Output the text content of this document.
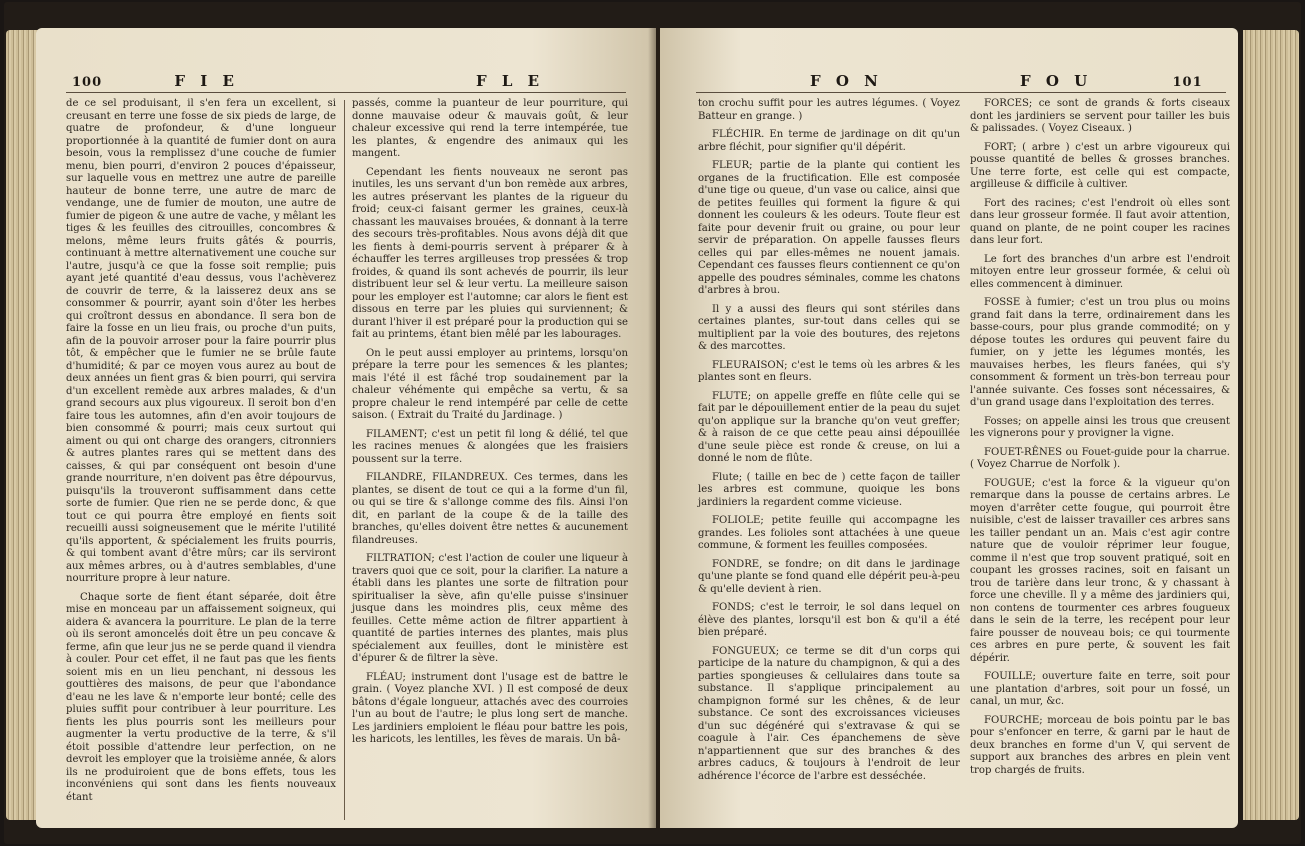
100	F I E	F L E

de ce sel produisant, il s'en fera un excellent, si creusant en terre une fosse de six pieds de large, de quatre de profondeur, & d'une longueur proportionnée à la quantité de fumier dont on aura besoin, vous la remplissez d'une couche de fumier menu, bien pourri, d'environ 2 pouces d'épaisseur, sur laquelle vous en mettrez une autre de pareille hauteur de bonne terre, une autre de marc de vendange, une de fumier de mouton, une autre de fumier de pigeon & une autre de vache, y mêlant les tiges & les feuilles des citrouilles, concombres & melons, même leurs fruits gâtés & pourris, continuant à mettre alternativement une couche sur l'autre, jusqu'à ce que la fosse soit remplie; puis ayant jeté quantité d'eau dessus, vous l'achèverez de couvrir de terre, & la laisserez deux ans se consommer & pourrir, ayant soin d'ôter les herbes qui croîtront dessus en abondance. Il sera bon de faire la fosse en un lieu frais, ou proche d'un puits, afin de la pouvoir arroser pour la faire pourrir plus tôt, & empêcher que le fumier ne se brûle faute d'humidité; & par ce moyen vous aurez au bout de deux années un fient gras & bien pourri, qui servira d'un excellent remède aux arbres malades, & d'un grand secours aux plus vigoureux. Il seroit bon d'en faire tous les automnes, afin d'en avoir toujours de bien consommé & pourri; mais ceux surtout qui aiment ou qui ont charge des orangers, citronniers & autres plantes rares qui se mettent dans des caisses, & qui par conséquent ont besoin d'une grande nourriture, n'en doivent pas être dépourvus, puisqu'ils la trouveront suffisamment dans cette sorte de fumier. Que rien ne se perde donc, & que tout ce qui pourra être employé en fients soit recueilli aussi soigneusement que le mérite l'utilité qu'ils apportent, & spécialement les fruits pourris, & qui tombent avant d'être mûrs; car ils serviront aux mêmes arbres, ou à d'autres semblables, d'une nourriture propre à leur nature.

Chaque sorte de fient étant séparée, doit être mise en monceau par un affaissement soigneux, qui aidera & avancera la pourriture. Le plan de la terre où ils seront amoncelés doit être un peu concave & ferme, afin que leur jus ne se perde quand il viendra à couler. Pour cet effet, il ne faut pas que les fients soient mis en un lieu penchant, ni dessous les gouttières des maisons, de peur que l'abondance d'eau ne les lave & n'emporte leur bonté; celle des pluies suffit pour contribuer à leur pourriture. Les fients les plus pourris sont les meilleurs pour augmenter la vertu productive de la terre, & s'il étoit possible d'attendre leur perfection, on ne devroit les employer que la troisième année, & alors ils ne produiroient que de bons effets, tous les inconvéniens qui sont dans les fients nouveaux étant

passés, comme la puanteur de leur pourriture, qui donne mauvaise odeur & mauvais goût, & leur chaleur excessive qui rend la terre intempérée, tue les plantes, & engendre des animaux qui les mangent.

Cependant les fients nouveaux ne seront pas inutiles, les uns servant d'un bon remède aux arbres, les autres préservant les plantes de la rigueur du froid; ceux-ci faisant germer les graines, ceux-là chassant les mauvaises brouées, & donnant à la terre des secours très-profitables. Nous avons déjà dit que les fients à demi-pourris servent à préparer & à échauffer les terres argilleuses trop pressées & trop froides, & quand ils sont achevés de pourrir, ils leur distribuent leur sel & leur vertu. La meilleure saison pour les employer est l'automne; car alors le fient est dissous en terre par les pluies qui surviennent; & durant l'hiver il est préparé pour la production qui se fait au printems, étant bien mêlé par les labourages.

On le peut aussi employer au printems, lorsqu'on prépare la terre pour les semences & les plantes; mais l'été il est fâché trop soudainement par la chaleur véhémente qui empêche sa vertu, & sa propre chaleur le rend intempéré par celle de cette saison. ( Extrait du Traité du Jardinage. )

FILAMENT; c'est un petit fil long & délié, tel que les racines menues & alongées que les fraisiers poussent sur la terre.

FILANDRE, FILANDREUX. Ces termes, dans les plantes, se disent de tout ce qui a la forme d'un fil, ou qui se tire & s'allonge comme des fils. Ainsi l'on dit, en parlant de la coupe & de la taille des branches, qu'elles doivent être nettes & aucunement filandreuses.

FILTRATION; c'est l'action de couler une liqueur à travers quoi que ce soit, pour la clarifier. La nature a établi dans les plantes une sorte de filtration pour spiritualiser la sève, afin qu'elle puisse s'insinuer jusque dans les moindres plis, ceux même des feuilles. Cette même action de filtrer appartient à quantité de parties internes des plantes, mais plus spécialement aux feuilles, dont le ministère est d'épurer & de filtrer la sève.

FLÉAU; instrument dont l'usage est de battre le grain. ( Voyez planche XVI. ) Il est composé de deux bâtons d'égale longueur, attachés avec des courroies l'un au bout de l'autre; le plus long sert de manche. Les jardiniers emploient le fléau pour battre les pois, les haricots, les lentilles, les fèves de marais. Un bâ-

F O N	F O U	101

ton crochu suffit pour les autres légumes. ( Voyez Batteur en grange. )

FLÉCHIR. En terme de jardinage on dit qu'un arbre fléchit, pour signifier qu'il dépérit.

FLEUR; partie de la plante qui contient les organes de la fructification. Elle est composée d'une tige ou queue, d'un vase ou calice, ainsi que de petites feuilles qui forment la figure & qui donnent les couleurs & les odeurs. Toute fleur est faite pour devenir fruit ou graine, ou pour leur servir de préparation. On appelle fausses fleurs celles qui par elles-mêmes ne nouent jamais. Cependant ces fausses fleurs contiennent ce qu'on appelle des poudres séminales, comme les chatons d'arbres à brou.

Il y a aussi des fleurs qui sont stériles dans certaines plantes, sur-tout dans celles qui se multiplient par la voie des boutures, des rejetons & des marcottes.

FLEURAISON; c'est le tems où les arbres & les plantes sont en fleurs.

FLUTE; on appelle greffe en flûte celle qui se fait par le dépouillement entier de la peau du sujet qu'on applique sur la branche qu'on veut greffer; & à raison de ce que cette peau ainsi dépouillée d'une seule pièce est ronde & creuse, on lui a donné le nom de flûte.

Flute; ( taille en bec de ) cette façon de tailler les arbres est commune, quoique les bons jardiniers la regardent comme vicieuse.

FOLIOLE; petite feuille qui accompagne les grandes. Les folioles sont attachées à une queue commune, & forment les feuilles composées.

FONDRE, se fondre; on dit dans le jardinage qu'une plante se fond quand elle dépérit peu-à-peu & qu'elle devient à rien.

FONDS; c'est le terroir, le sol dans lequel on élève des plantes, lorsqu'il est bon & qu'il a été bien préparé.

FONGUEUX; ce terme se dit d'un corps qui participe de la nature du champignon, & qui a des parties spongieuses & cellulaires dans toute sa substance. Il s'applique principalement au champignon formé sur les chênes, & de leur substance. Ce sont des excroissances vicieuses d'un suc dégénéré qui s'extravase & qui se coagule à l'air. Ces épanchemens de sève n'appartiennent que sur des branches & des arbres caducs, & toujours à l'endroit de leur adhérence l'écorce de l'arbre est desséchée.

FORCES; ce sont de grands & forts ciseaux dont les jardiniers se servent pour tailler les buis & palissades. ( Voyez Ciseaux. )

FORT; ( arbre ) c'est un arbre vigoureux qui pousse quantité de belles & grosses branches. Une terre forte, est celle qui est compacte, argilleuse & difficile à cultiver.

Fort des racines; c'est l'endroit où elles sont dans leur grosseur formée. Il faut avoir attention, quand on plante, de ne point couper les racines dans leur fort.

Le fort des branches d'un arbre est l'endroit mitoyen entre leur grosseur formée, & celui où elles commencent à diminuer.

FOSSE à fumier; c'est un trou plus ou moins grand fait dans la terre, ordinairement dans les basse-cours, pour plus grande commodité; on y dépose toutes les ordures qui peuvent faire du fumier, on y jette les légumes montés, les mauvaises herbes, les fleurs fanées, qui s'y consomment & forment un très-bon terreau pour l'année suivante. Ces fosses sont nécessaires, & d'un grand usage dans l'exploitation des terres.

Fosses; on appelle ainsi les trous que creusent les vignerons pour y provigner la vigne.

FOUET-RÊNES ou Fouet-guide pour la charrue. ( Voyez Charrue de Norfolk ).

FOUGUE; c'est la force & la vigueur qu'on remarque dans la pousse de certains arbres. Le moyen d'arrêter cette fougue, qui pourroit être nuisible, c'est de laisser travailler ces arbres sans les tailler pendant un an. Mais c'est agir contre nature que de vouloir réprimer leur fougue, comme il n'est que trop souvent pratiqué, soit en coupant les grosses racines, soit en faisant un trou de tarière dans leur tronc, & y chassant à force une cheville. Il y a même des jardiniers qui, non contens de tourmenter ces arbres fougueux dans le sein de la terre, les recépent pour leur faire pousser de nouveau bois; ce qui tourmente ces arbres en pure perte, & souvent les fait dépérir.

FOUILLE; ouverture faite en terre, soit pour une plantation d'arbres, soit pour un fossé, un canal, un mur, &c.

FOURCHE; morceau de bois pointu par le bas pour s'enfoncer en terre, & garni par le haut de deux branches en forme d'un V, qui servent de support aux branches des arbres en plein vent trop chargés de fruits.
